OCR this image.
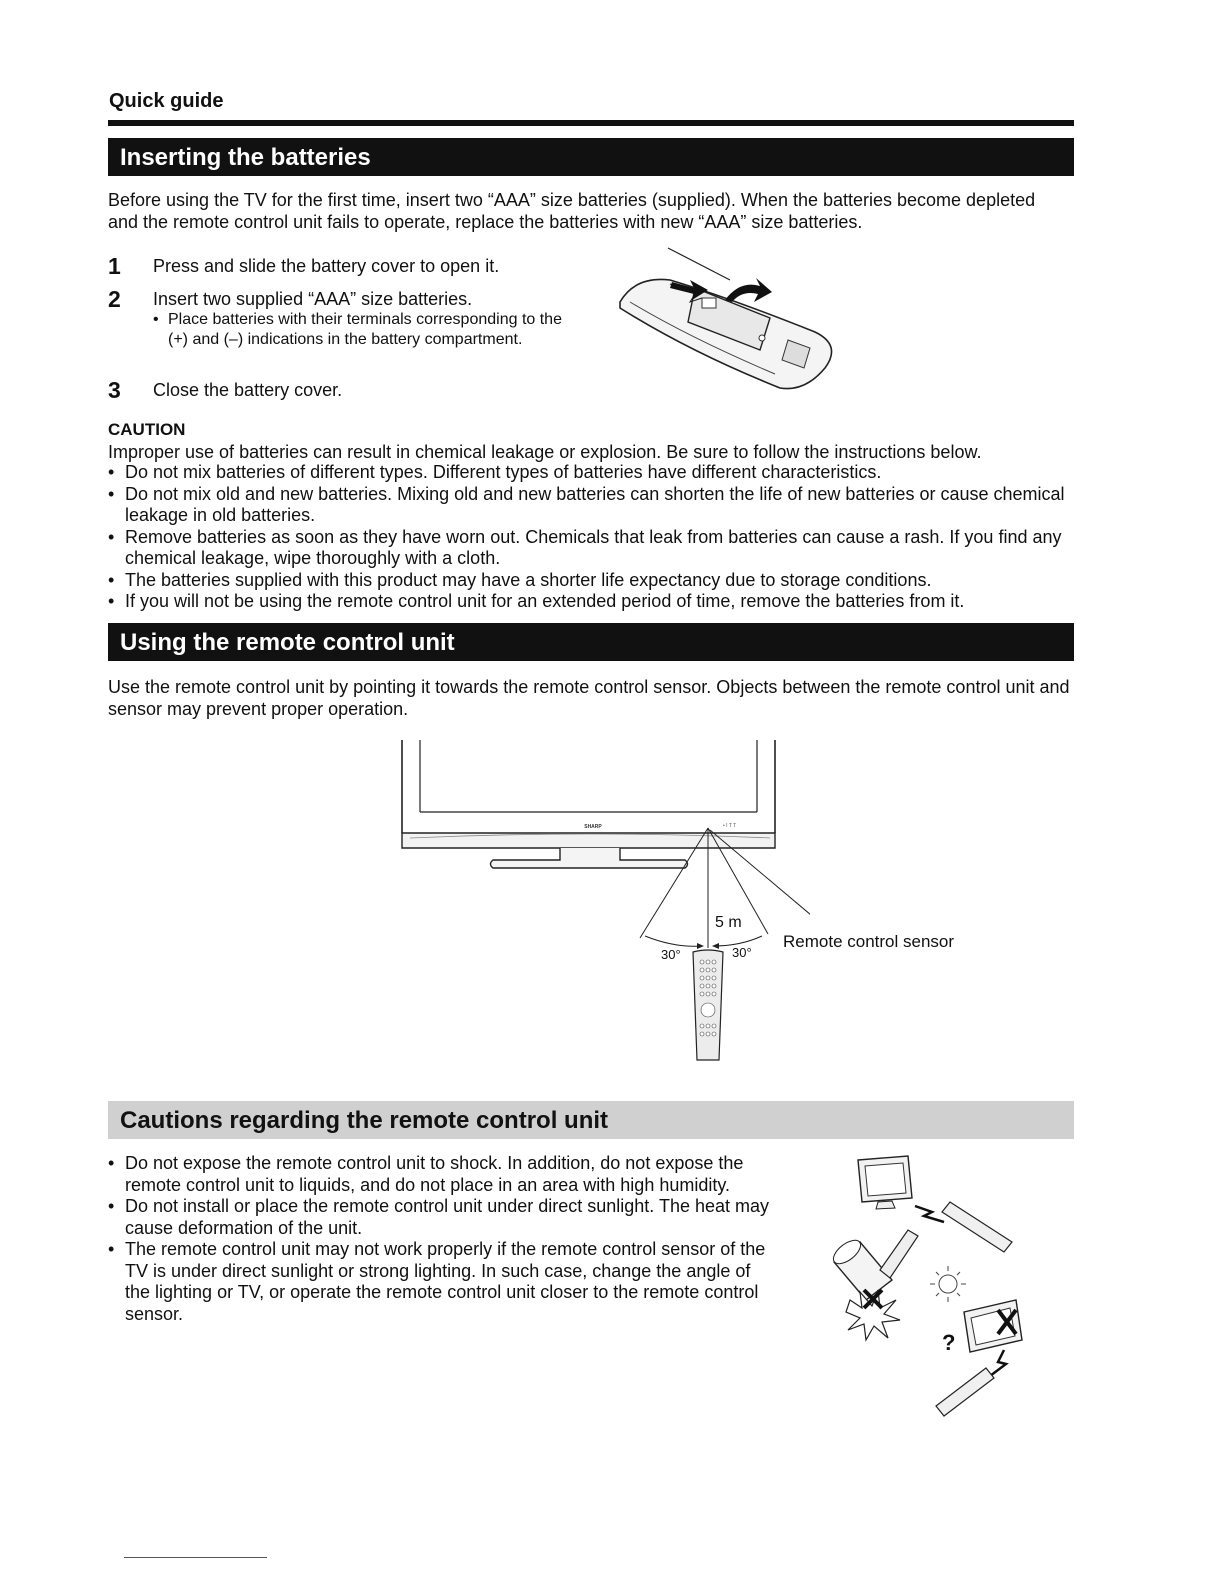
Quick guide
Inserting the batteries
Before using the TV for the first time, insert two “AAA” size batteries (supplied). When the batteries become depleted and the remote control unit fails to operate, replace the batteries with new “AAA” size batteries.
1 Press and slide the battery cover to open it.
2 Insert two supplied “AAA” size batteries.
• Place batteries with their terminals corresponding to the (+) and (–) indications in the battery compartment.
3 Close the battery cover.
CAUTION
Improper use of batteries can result in chemical leakage or explosion. Be sure to follow the instructions below.
• Do not mix batteries of different types. Different types of batteries have different characteristics.
• Do not mix old and new batteries. Mixing old and new batteries can shorten the life of new batteries or cause chemical leakage in old batteries.
• Remove batteries as soon as they have worn out. Chemicals that leak from batteries can cause a rash. If you find any chemical leakage, wipe thoroughly with a cloth.
• The batteries supplied with this product may have a shorter life expectancy due to storage conditions.
• If you will not be using the remote control unit for an extended period of time, remove the batteries from it.
Using the remote control unit
Use the remote control unit by pointing it towards the remote control sensor. Objects between the remote control unit and sensor may prevent proper operation.
SHARP	• I T T
5 m
30°	30°
Remote control sensor
Cautions regarding the remote control unit
• Do not expose the remote control unit to shock. In addition, do not expose the remote control unit to liquids, and do not place in an area with high humidity.
• Do not install or place the remote control unit under direct sunlight. The heat may cause deformation of the unit.
• The remote control unit may not work properly if the remote control sensor of the TV is under direct sunlight or strong lighting. In such case, change the angle of the lighting or TV, or operate the remote control unit closer to the remote control sensor.
?
